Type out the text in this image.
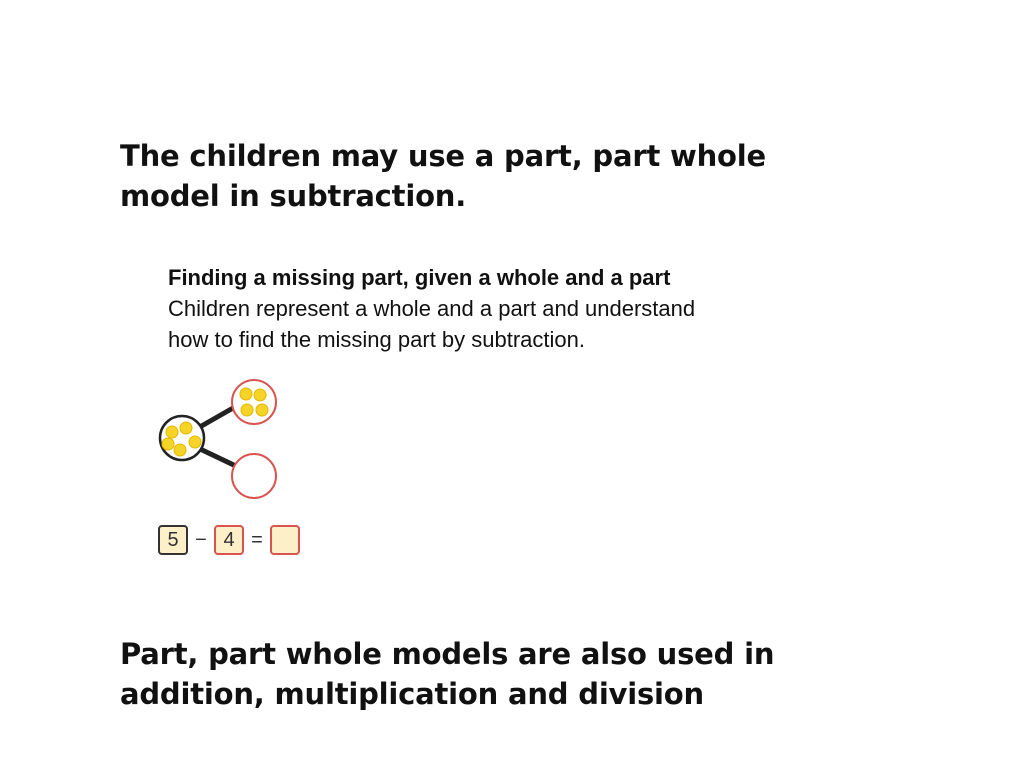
The children may use a part, part whole
model in subtraction.
Finding a missing part, given a whole and a part
Children represent a whole and a part and understand
how to find the missing part by subtraction.
5 − 4 =
Part, part whole models are also used in
addition, multiplication and division
